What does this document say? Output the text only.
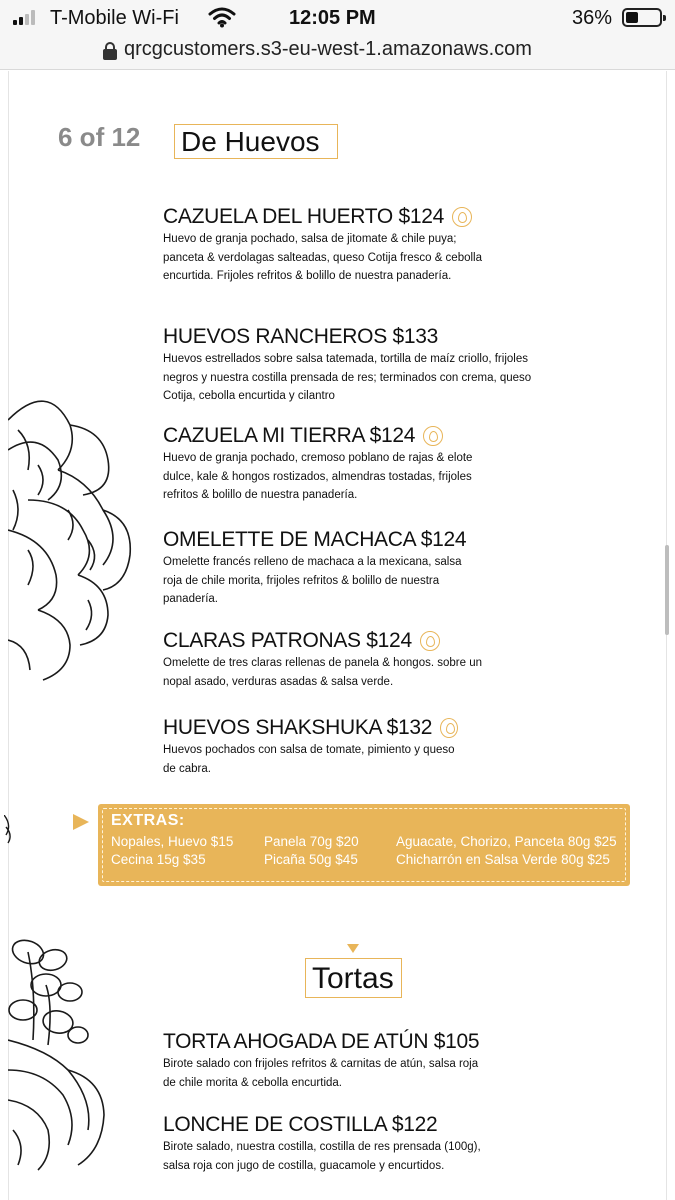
T-Mobile Wi-Fi	12:05 PM	36%
qrcgcustomers.s3-eu-west-1.amazonaws.com
6 of 12 De Huevos
CAZUELA DEL HUERTO $124
Huevo de granja pochado, salsa de jitomate & chile puya; panceta & verdolagas salteadas, queso Cotija fresco & cebolla encurtida. Frijoles refritos & bolillo de nuestra panadería.
HUEVOS RANCHEROS $133
Huevos estrellados sobre salsa tatemada, tortilla de maíz criollo, frijoles negros y nuestra costilla prensada de res; terminados con crema, queso Cotija, cebolla encurtida y cilantro
CAZUELA MI TIERRA $124
Huevo de granja pochado, cremoso poblano de rajas & elote dulce, kale & hongos rostizados, almendras tostadas, frijoles refritos & bolillo de nuestra panadería.
OMELETTE DE MACHACA $124
Omelette francés relleno de machaca a la mexicana, salsa roja de chile morita, frijoles refritos & bolillo de nuestra panadería.
CLARAS PATRONAS $124
Omelette de tres claras rellenas de panela & hongos. sobre un nopal asado, verduras asadas & salsa verde.
HUEVOS SHAKSHUKA $132
Huevos pochados con salsa de tomate, pimiento y queso de cabra.
EXTRAS:
Nopales, Huevo $15
Cecina 15g $35
Panela 70g $20
Picaña 50g $45
Aguacate, Chorizo, Panceta 80g $25
Chicharrón en Salsa Verde 80g $25
Tortas
TORTA AHOGADA DE ATÚN $105
Birote salado con frijoles refritos & carnitas de atún, salsa roja de chile morita & cebolla encurtida.
LONCHE DE COSTILLA $122
Birote salado, nuestra costilla, costilla de res prensada (100g), salsa roja con jugo de costilla, guacamole y encurtidos.
